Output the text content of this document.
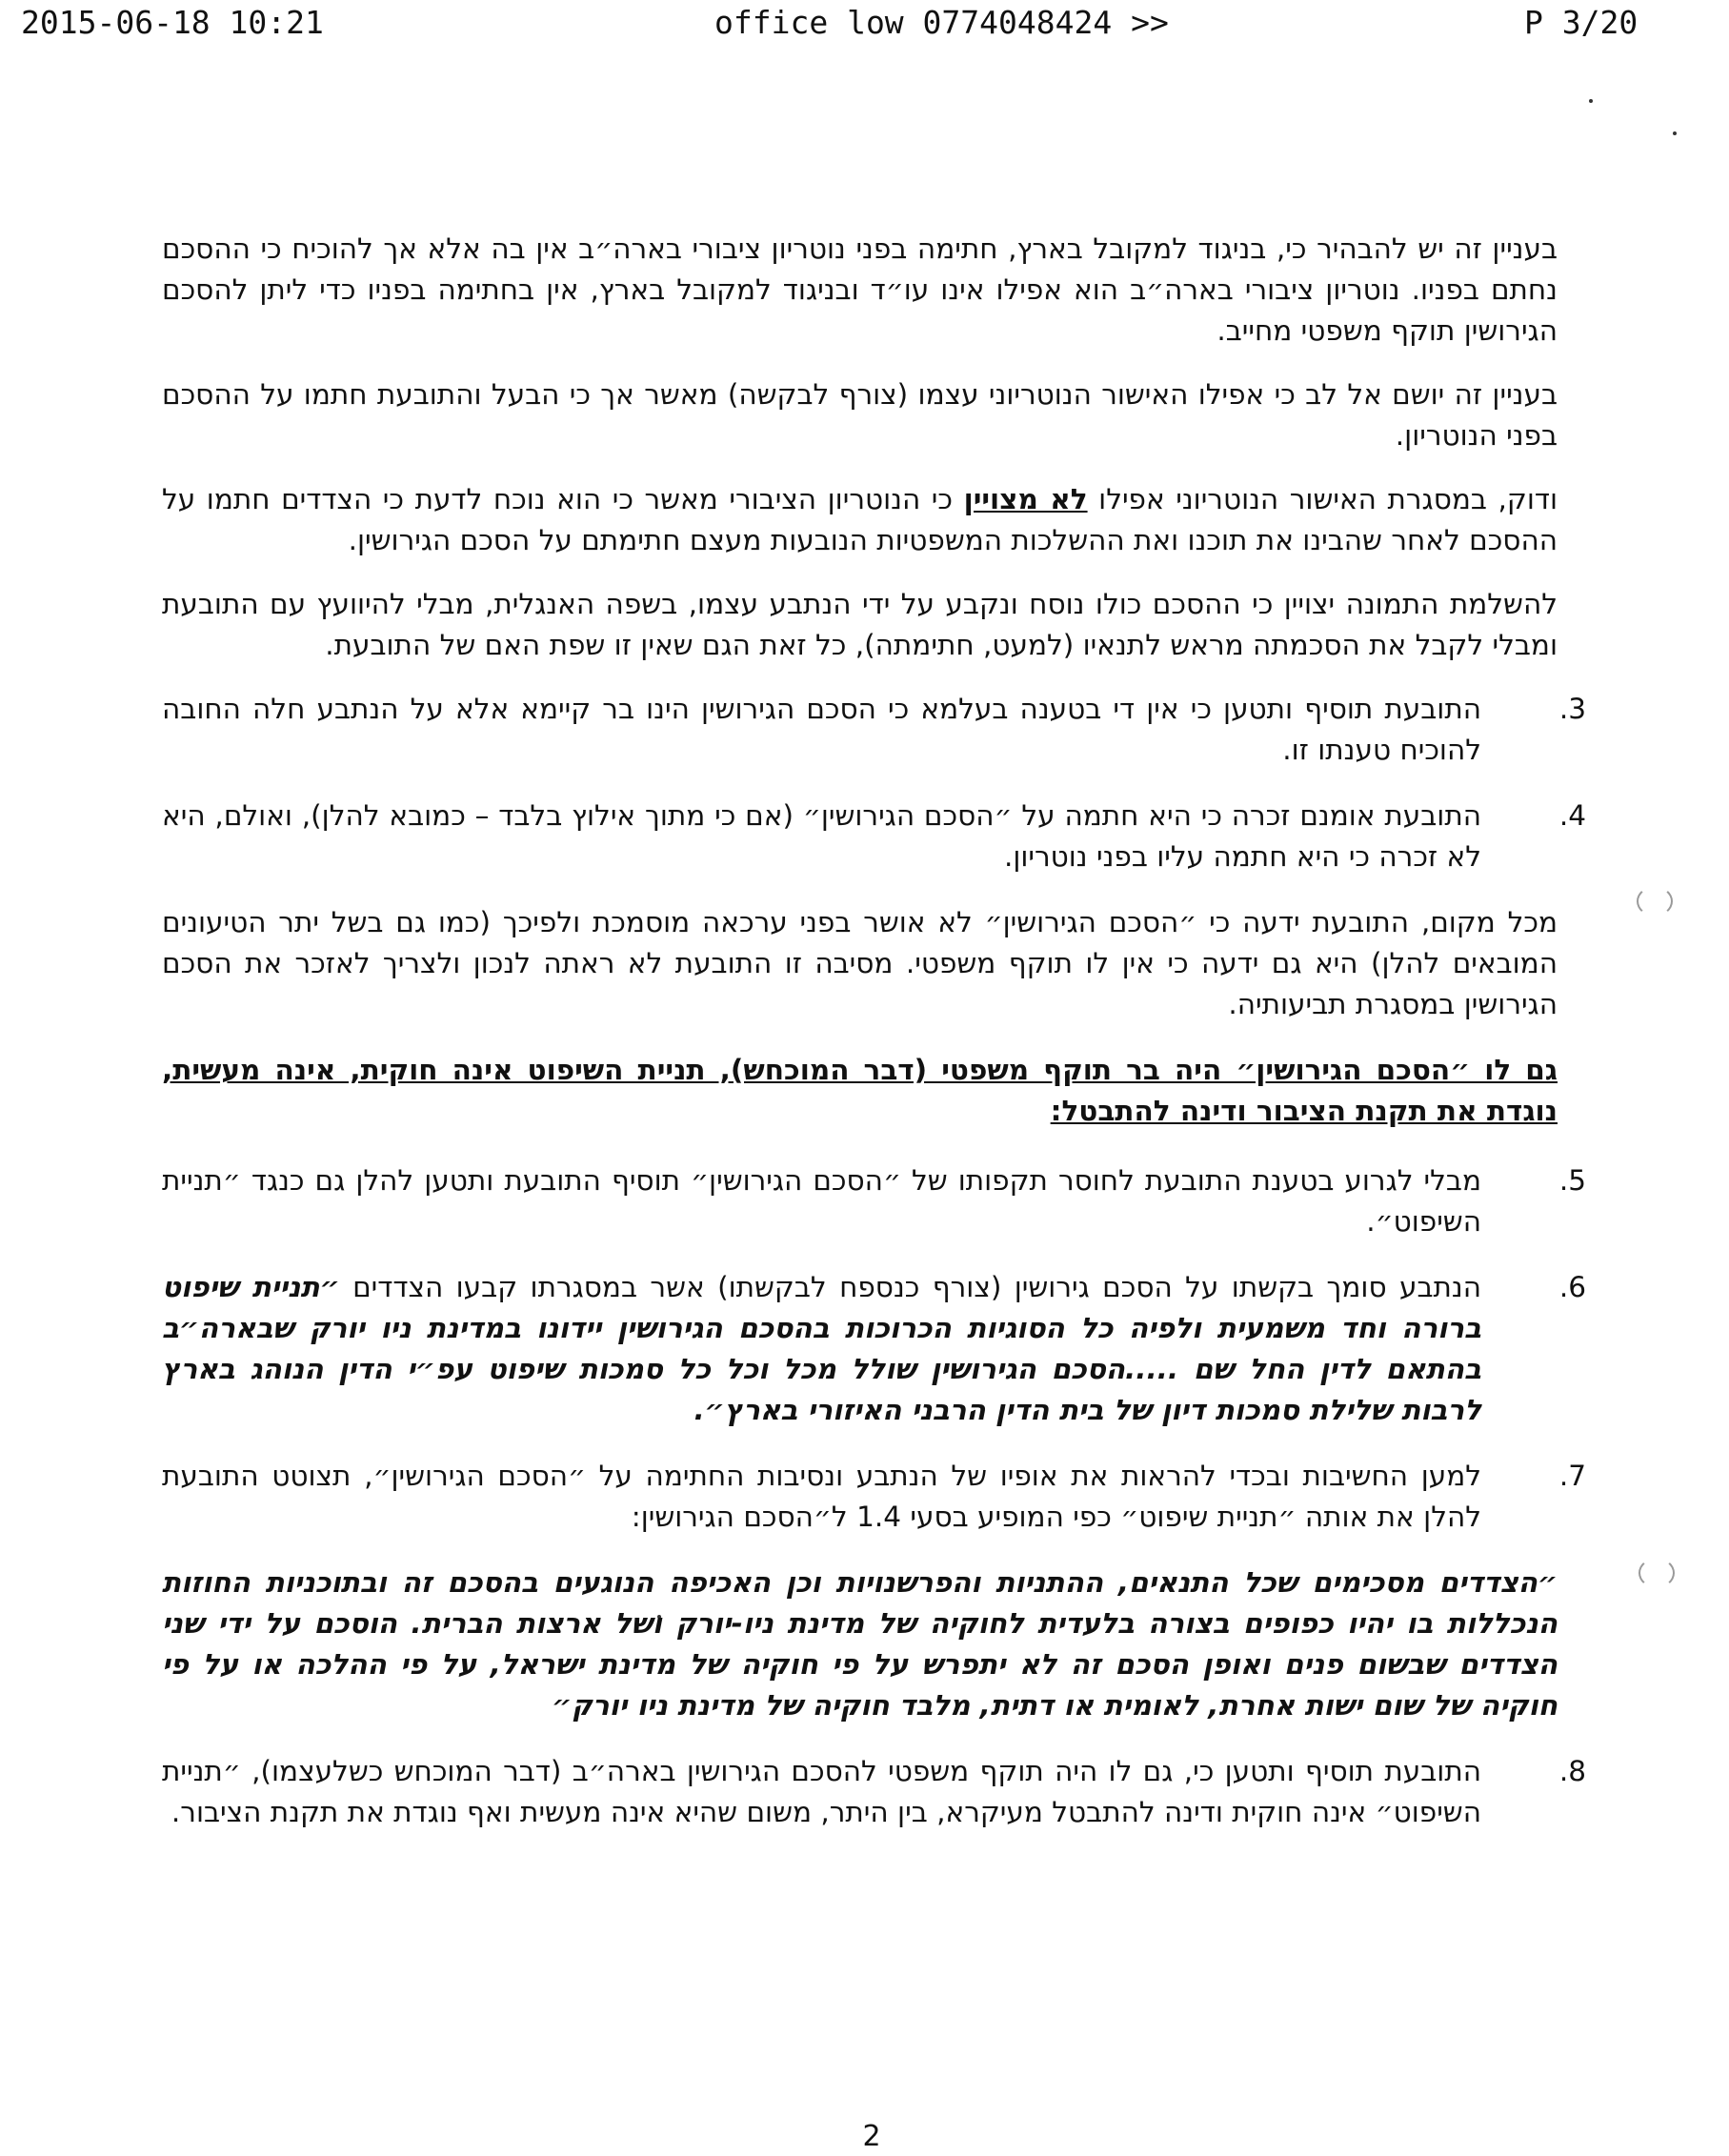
2015-06-18 10:21	office low 0774048424 >>	P 3/20

בעניין זה יש להבהיר כי, בניגוד למקובל בארץ, חתימה בפני נוטריון ציבורי בארה״ב אין בה אלא אך להוכיח כי ההסכם נחתם בפניו. נוטריון ציבורי בארה״ב הוא אפילו אינו עו״ד ובניגוד למקובל בארץ, אין בחתימה בפניו כדי ליתן להסכם הגירושין תוקף משפטי מחייב.

בעניין זה יושם אל לב כי אפילו האישור הנוטריוני עצמו (צורף לבקשה) מאשר אך כי הבעל והתובעת חתמו על ההסכם בפני הנוטריון.

ודוק, במסגרת האישור הנוטריוני אפילו לא מצויין כי הנוטריון הציבורי מאשר כי הוא נוכח לדעת כי הצדדים חתמו על ההסכם לאחר שהבינו את תוכנו ואת ההשלכות המשפטיות הנובעות מעצם חתימתם על הסכם הגירושין.

להשלמת התמונה יצויין כי ההסכם כולו נוסח ונקבע על ידי הנתבע עצמו, בשפה האנגלית, מבלי להיוועץ עם התובעת ומבלי לקבל את הסכמתה מראש לתנאיו (למעט, חתימתה), כל זאת הגם שאין זו שפת האם של התובעת.

.3
התובעת תוסיף ותטען כי אין די בטענה בעלמא כי הסכם הגירושין הינו בר קיימא אלא על הנתבע חלה החובה להוכיח טענתו זו.
.4
התובעת אומנם זכרה כי היא חתמה על ״הסכם הגירושין״ (אם כי מתוך אילוץ בלבד – כמובא להלן), ואולם, היא לא זכרה כי היא חתמה עליו בפני נוטריון.

מכל מקום, התובעת ידעה כי ״הסכם הגירושין״ לא אושר בפני ערכאה מוסמכת ולפיכך (כמו גם בשל יתר הטיעונים המובאים להלן) היא גם ידעה כי אין לו תוקף משפטי. מסיבה זו התובעת לא ראתה לנכון ולצריך לאזכר את הסכם הגירושין במסגרת תביעותיה.

גם לו ״הסכם הגירושין״ היה בר תוקף משפטי (דבר המוכחש), תניית השיפוט אינה חוקית, אינה מעשית, נוגדת את תקנת הציבור ודינה להתבטל:

.5
מבלי לגרוע בטענת התובעת לחוסר תקפותו של ״הסכם הגירושין״ תוסיף התובעת ותטען להלן גם כנגד ״תניית השיפוט״.
.6
הנתבע סומך בקשתו על הסכם גירושין (צורף כנספח לבקשתו) אשר במסגרתו קבעו הצדדים ״תניית שיפוט ברורה וחד משמעית ולפיה כל הסוגיות הכרוכות בהסכם הגירושין יידונו במדינת ניו יורק שבארה״ב בהתאם לדין החל שם .....הסכם הגירושין שולל מכל וכל כל סמכות שיפוט עפ״י הדין הנוהג בארץ לרבות שלילת סמכות דיון של בית הדין הרבני האיזורי בארץ״.
.7
למען החשיבות ובכדי להראות את אופיו של הנתבע ונסיבות החתימה על ״הסכם הגירושין״, תצוטט התובעת להלן את אותה ״תניית שיפוט״ כפי המופיע בסעי 1.4 ל״הסכם הגירושין:

״הצדדים מסכימים שכל התנאים, ההתניות והפרשנויות וכן האכיפה הנוגעים בהסכם זה ובתוכניות החוזות הנכללות בו יהיו כפופים בצורה בלעדית לחוקיה של מדינת ניו-יורק ושל ארצות הברית. הוסכם על ידי שני הצדדים שבשום פנים ואופן הסכם זה לא יתפרש על פי חוקיה של מדינת ישראל, על פי ההלכה או על פי חוקיה של שום ישות אחרת, לאומית או דתית, מלבד חוקיה של מדינת ניו יורק״

.8
התובעת תוסיף ותטען כי, גם לו היה תוקף משפטי להסכם הגירושין בארה״ב (דבר המוכחש כשלעצמו), ״תניית השיפוט״ אינה חוקית ודינה להתבטל מעיקרא, בין היתר, משום שהיא אינה מעשית ואף נוגדת את תקנת הציבור.
2
